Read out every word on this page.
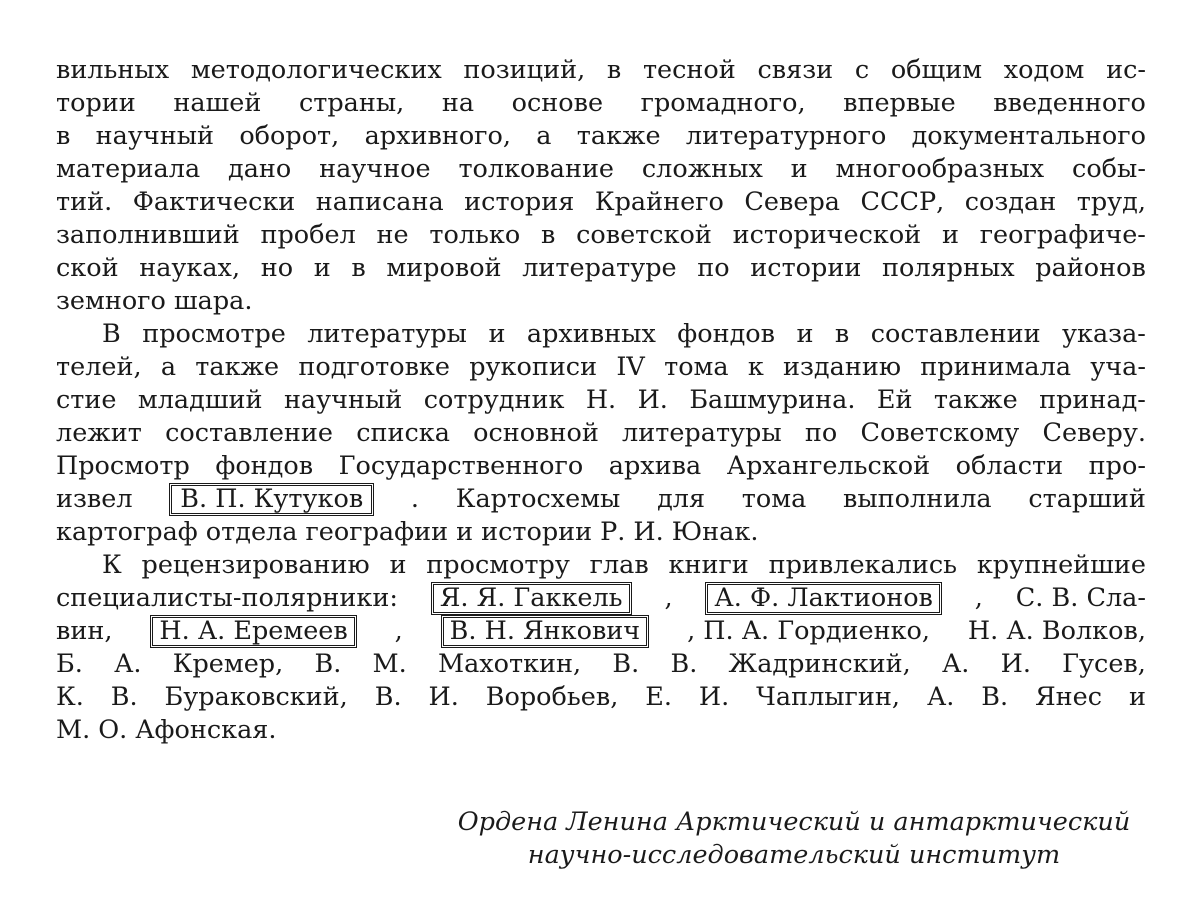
вильных методологических позиций, в тесной связи с общим ходом ис-
тории нашей страны, на основе громадного, впервые введенного
в научный оборот, архивного, а также литературного документального
материала дано научное толкование сложных и многообразных собы-
тий. Фактически написана история Крайнего Севера СССР, создан труд,
заполнивший пробел не только в советской исторической и географиче-
ской науках, но и в мировой литературе по истории полярных районов
земного шара.
В просмотре литературы и архивных фондов и в составлении указа-
телей, а также подготовке рукописи IV тома к изданию принимала уча-
стие младший научный сотрудник Н. И. Башмурина. Ей также принад-
лежит составление списка основной литературы по Советскому Северу.
Просмотр фондов Государственного архива Архангельской области про-
извел	В. П. Кутуков	. Картосхемы для тома выполнила старший
картограф отдела географии и истории Р. И. Юнак.
К рецензированию и просмотру глав книги привлекались крупнейшие
специалисты-полярники:	Я. Я. Гаккель	,	А. Ф. Лактионов	, С. В. Сла-
вин,	Н. А. Еремеев	,	В. Н. Янкович	, П. А. Гордиенко, Н. А. Волков,
Б. А. Кремер, В. М. Махоткин, В. В. Жадринский, А. И. Гусев,
К. В. Бураковский, В. И. Воробьев, Е. И. Чаплыгин, А. В. Янес и
М. О. Афонская.
Ордена Ленина Арктический и антарктический
научно-исследовательский институт
